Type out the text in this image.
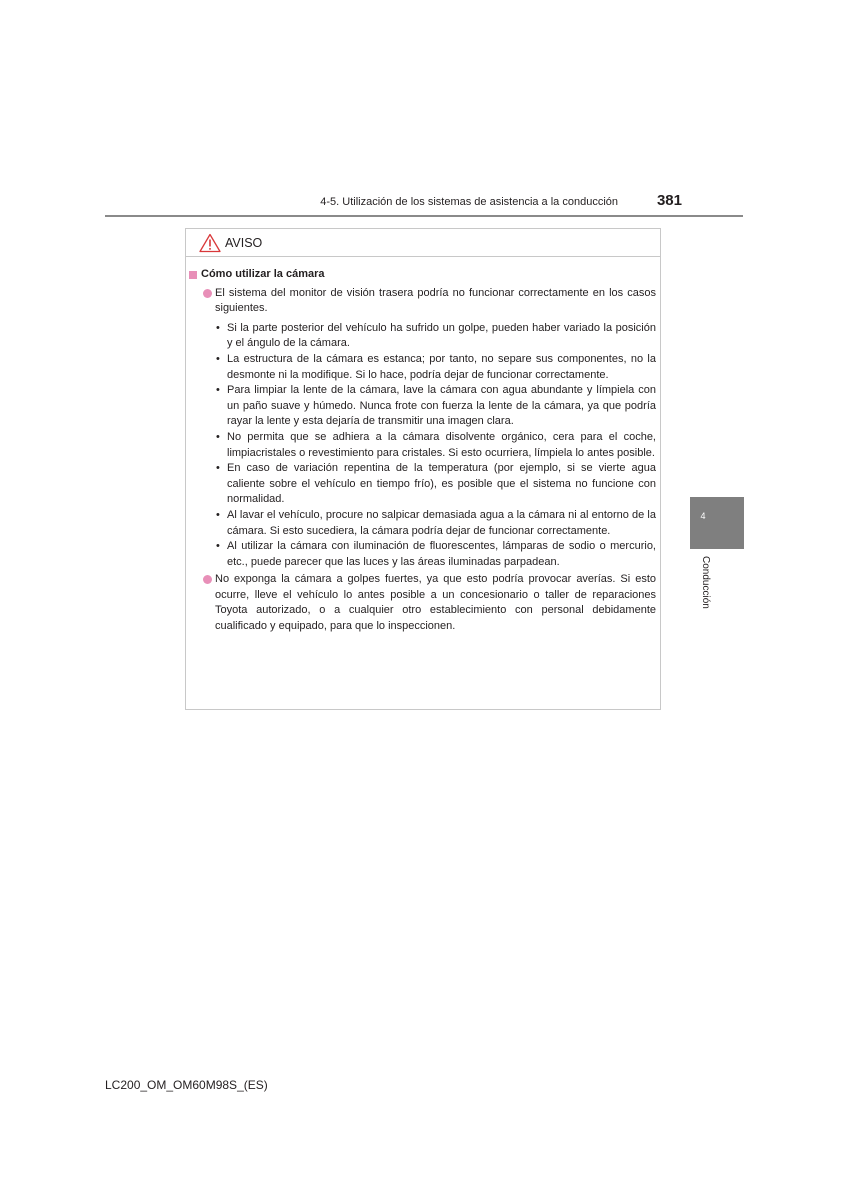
4-5. Utilización de los sistemas de asistencia a la conducción	381
AVISO
Cómo utilizar la cámara
El sistema del monitor de visión trasera podría no funcionar correctamente en los casos siguientes.
• Si la parte posterior del vehículo ha sufrido un golpe, pueden haber variado la posición y el ángulo de la cámara.
• La estructura de la cámara es estanca; por tanto, no separe sus componentes, no la desmonte ni la modifique. Si lo hace, podría dejar de funcionar correctamente.
• Para limpiar la lente de la cámara, lave la cámara con agua abundante y límpiela con un paño suave y húmedo. Nunca frote con fuerza la lente de la cámara, ya que podría rayar la lente y esta dejaría de transmitir una imagen clara.
• No permita que se adhiera a la cámara disolvente orgánico, cera para el coche, limpiacristales o revestimiento para cristales. Si esto ocurriera, límpiela lo antes posible.
• En caso de variación repentina de la temperatura (por ejemplo, si se vierte agua caliente sobre el vehículo en tiempo frío), es posible que el sistema no funcione con normalidad.
• Al lavar el vehículo, procure no salpicar demasiada agua a la cámara ni al entorno de la cámara. Si esto sucediera, la cámara podría dejar de funcionar correctamente.
• Al utilizar la cámara con iluminación de fluorescentes, lámparas de sodio o mercurio, etc., puede parecer que las luces y las áreas iluminadas parpadean.
No exponga la cámara a golpes fuertes, ya que esto podría provocar averías. Si esto ocurre, lleve el vehículo lo antes posible a un concesionario o taller de reparaciones Toyota autorizado, o a cualquier otro establecimiento con personal debidamente cualificado y equipado, para que lo inspeccionen.
4
Conducción
LC200_OM_OM60M98S_(ES)
